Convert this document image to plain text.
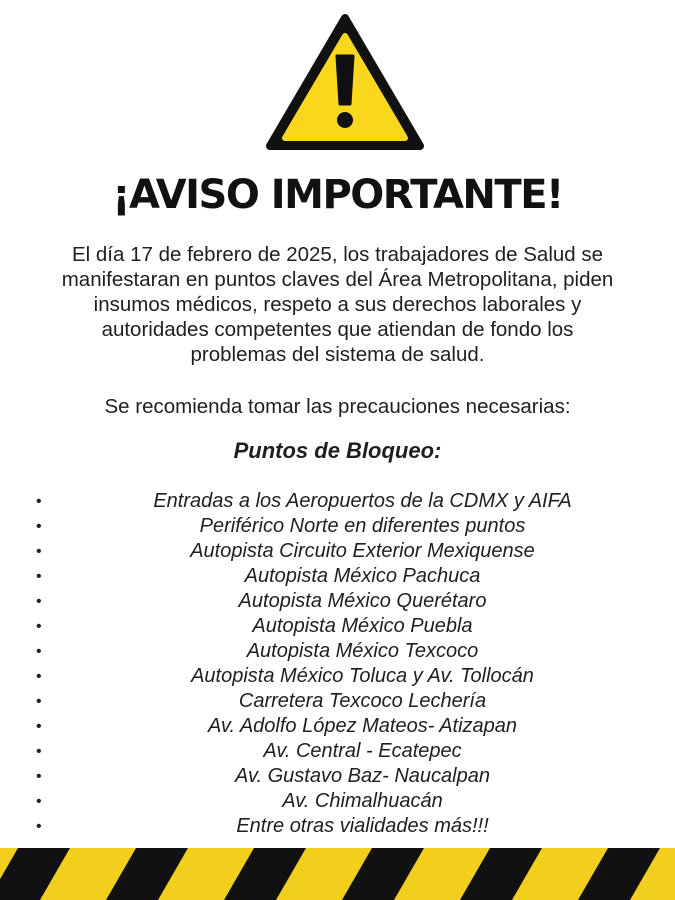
¡AVISO IMPORTANTE!
El día 17 de febrero de 2025, los trabajadores de Salud se
manifestaran en puntos claves del Área Metropolitana, piden
insumos médicos, respeto a sus derechos laborales y
autoridades competentes que atiendan de fondo los
problemas del sistema de salud.

Se recomienda tomar las precauciones necesarias:

Puntos de Bloqueo:
•	Entradas a los Aeropuertos de la CDMX y AIFA
•	Periférico Norte en diferentes puntos
•	Autopista Circuito Exterior Mexiquense
•	Autopista México Pachuca
•	Autopista México Querétaro
•	Autopista México Puebla
•	Autopista México Texcoco
•	Autopista México Toluca y Av. Tollocán
•	Carretera Texcoco Lechería
•	Av. Adolfo López Mateos- Atizapan
•	Av. Central - Ecatepec
•	Av. Gustavo Baz- Naucalpan
•	Av. Chimalhuacán
•	Entre otras vialidades más!!!
